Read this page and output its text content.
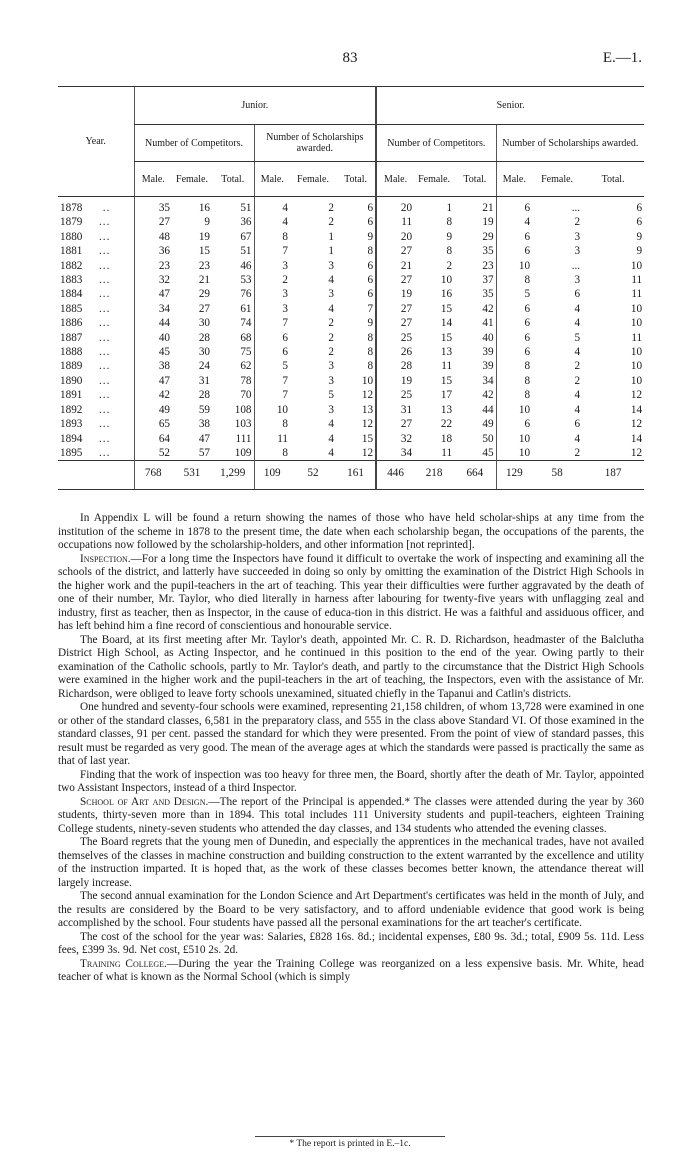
83	E.—1.
Year.	Junior.						Senior.					
	Number of Competitors.			Number of Scholarships awarded.			Number of Competitors.			Number of Scholarships awarded.		
	Male.	Female.	Total.	Male.	Female.	Total.	Male.	Female.	Total.	Male.	Female.	Total.
1878 ..	35	16	51	4	2	6	20	1	21	6	...	6
1879 ...	27	9	36	4	2	6	11	8	19	4	2	6
1880 ...	48	19	67	8	1	9	20	9	29	6	3	9
1881 ...	36	15	51	7	1	8	27	8	35	6	3	9
1882 ...	23	23	46	3	3	6	21	2	23	10	...	10
1883 ...	32	21	53	2	4	6	27	10	37	8	3	11
1884 ...	47	29	76	3	3	6	19	16	35	5	6	11
1885 ...	34	27	61	3	4	7	27	15	42	6	4	10
1886 ...	44	30	74	7	2	9	27	14	41	6	4	10
1887 ...	40	28	68	6	2	8	25	15	40	6	5	11
1888 ...	45	30	75	6	2	8	26	13	39	6	4	10
1889 ...	38	24	62	5	3	8	28	11	39	8	2	10
1890 ...	47	31	78	7	3	10	19	15	34	8	2	10
1891 ...	42	28	70	7	5	12	25	17	42	8	4	12
1892 ...	49	59	108	10	3	13	31	13	44	10	4	14
1893 ...	65	38	103	8	4	12	27	22	49	6	6	12
1894 ...	64	47	111	11	4	15	32	18	50	10	4	14
1895 ...	52	57	109	8	4	12	34	11	45	10	2	12
	768	531	1,299	109	52	161	446	218	664	129	58	187

In Appendix L will be found a return showing the names of those who have held scholar-ships at any time from the institution of the scheme in 1878 to the present time, the date when each scholarship began, the occupations of the parents, the occupations now followed by the scholarship-holders, and other information [not reprinted].

Inspection.—For a long time the Inspectors have found it difficult to overtake the work of inspecting and examining all the schools of the district, and latterly have succeeded in doing so only by omitting the examination of the District High Schools in the higher work and the pupil-teachers in the art of teaching. This year their difficulties were further aggravated by the death of one of their number, Mr. Taylor, who died literally in harness after labouring for twenty-five years with unflagging zeal and industry, first as teacher, then as Inspector, in the cause of educa-tion in this district. He was a faithful and assiduous officer, and has left behind him a fine record of conscientious and honourable service.

The Board, at its first meeting after Mr. Taylor's death, appointed Mr. C. R. D. Richardson, headmaster of the Balclutha District High School, as Acting Inspector, and he continued in this position to the end of the year. Owing partly to their examination of the Catholic schools, partly to Mr. Taylor's death, and partly to the circumstance that the District High Schools were examined in the higher work and the pupil-teachers in the art of teaching, the Inspectors, even with the assistance of Mr. Richardson, were obliged to leave forty schools unexamined, situated chiefly in the Tapanui and Catlin's districts.

One hundred and seventy-four schools were examined, representing 21,158 children, of whom 13,728 were examined in one or other of the standard classes, 6,581 in the preparatory class, and 555 in the class above Standard VI. Of those examined in the standard classes, 91 per cent. passed the standard for which they were presented. From the point of view of standard passes, this result must be regarded as very good. The mean of the average ages at which the standards were passed is practically the same as that of last year.

Finding that the work of inspection was too heavy for three men, the Board, shortly after the death of Mr. Taylor, appointed two Assistant Inspectors, instead of a third Inspector.

School of Art and Design.—The report of the Principal is appended.* The classes were attended during the year by 360 students, thirty-seven more than in 1894. This total includes 111 University students and pupil-teachers, eighteen Training College students, ninety-seven students who attended the day classes, and 134 students who attended the evening classes.

The Board regrets that the young men of Dunedin, and especially the apprentices in the mechanical trades, have not availed themselves of the classes in machine construction and building construction to the extent warranted by the excellence and utility of the instruction imparted. It is hoped that, as the work of these classes becomes better known, the attendance thereat will largely increase.

The second annual examination for the London Science and Art Department's certificates was held in the month of July, and the results are considered by the Board to be very satisfactory, and to afford undeniable evidence that good work is being accomplished by the school. Four students have passed all the personal examinations for the art teacher's certificate.

The cost of the school for the year was: Salaries, £828 16s. 8d.; incidental expenses, £80 9s. 3d.; total, £909 5s. 11d. Less fees, £399 3s. 9d. Net cost, £510 2s. 2d.

Training College.—During the year the Training College was reorganized on a less expensive basis. Mr. White, head teacher of what is known as the Normal School (which is simply

* The report is printed in E.–1c.
